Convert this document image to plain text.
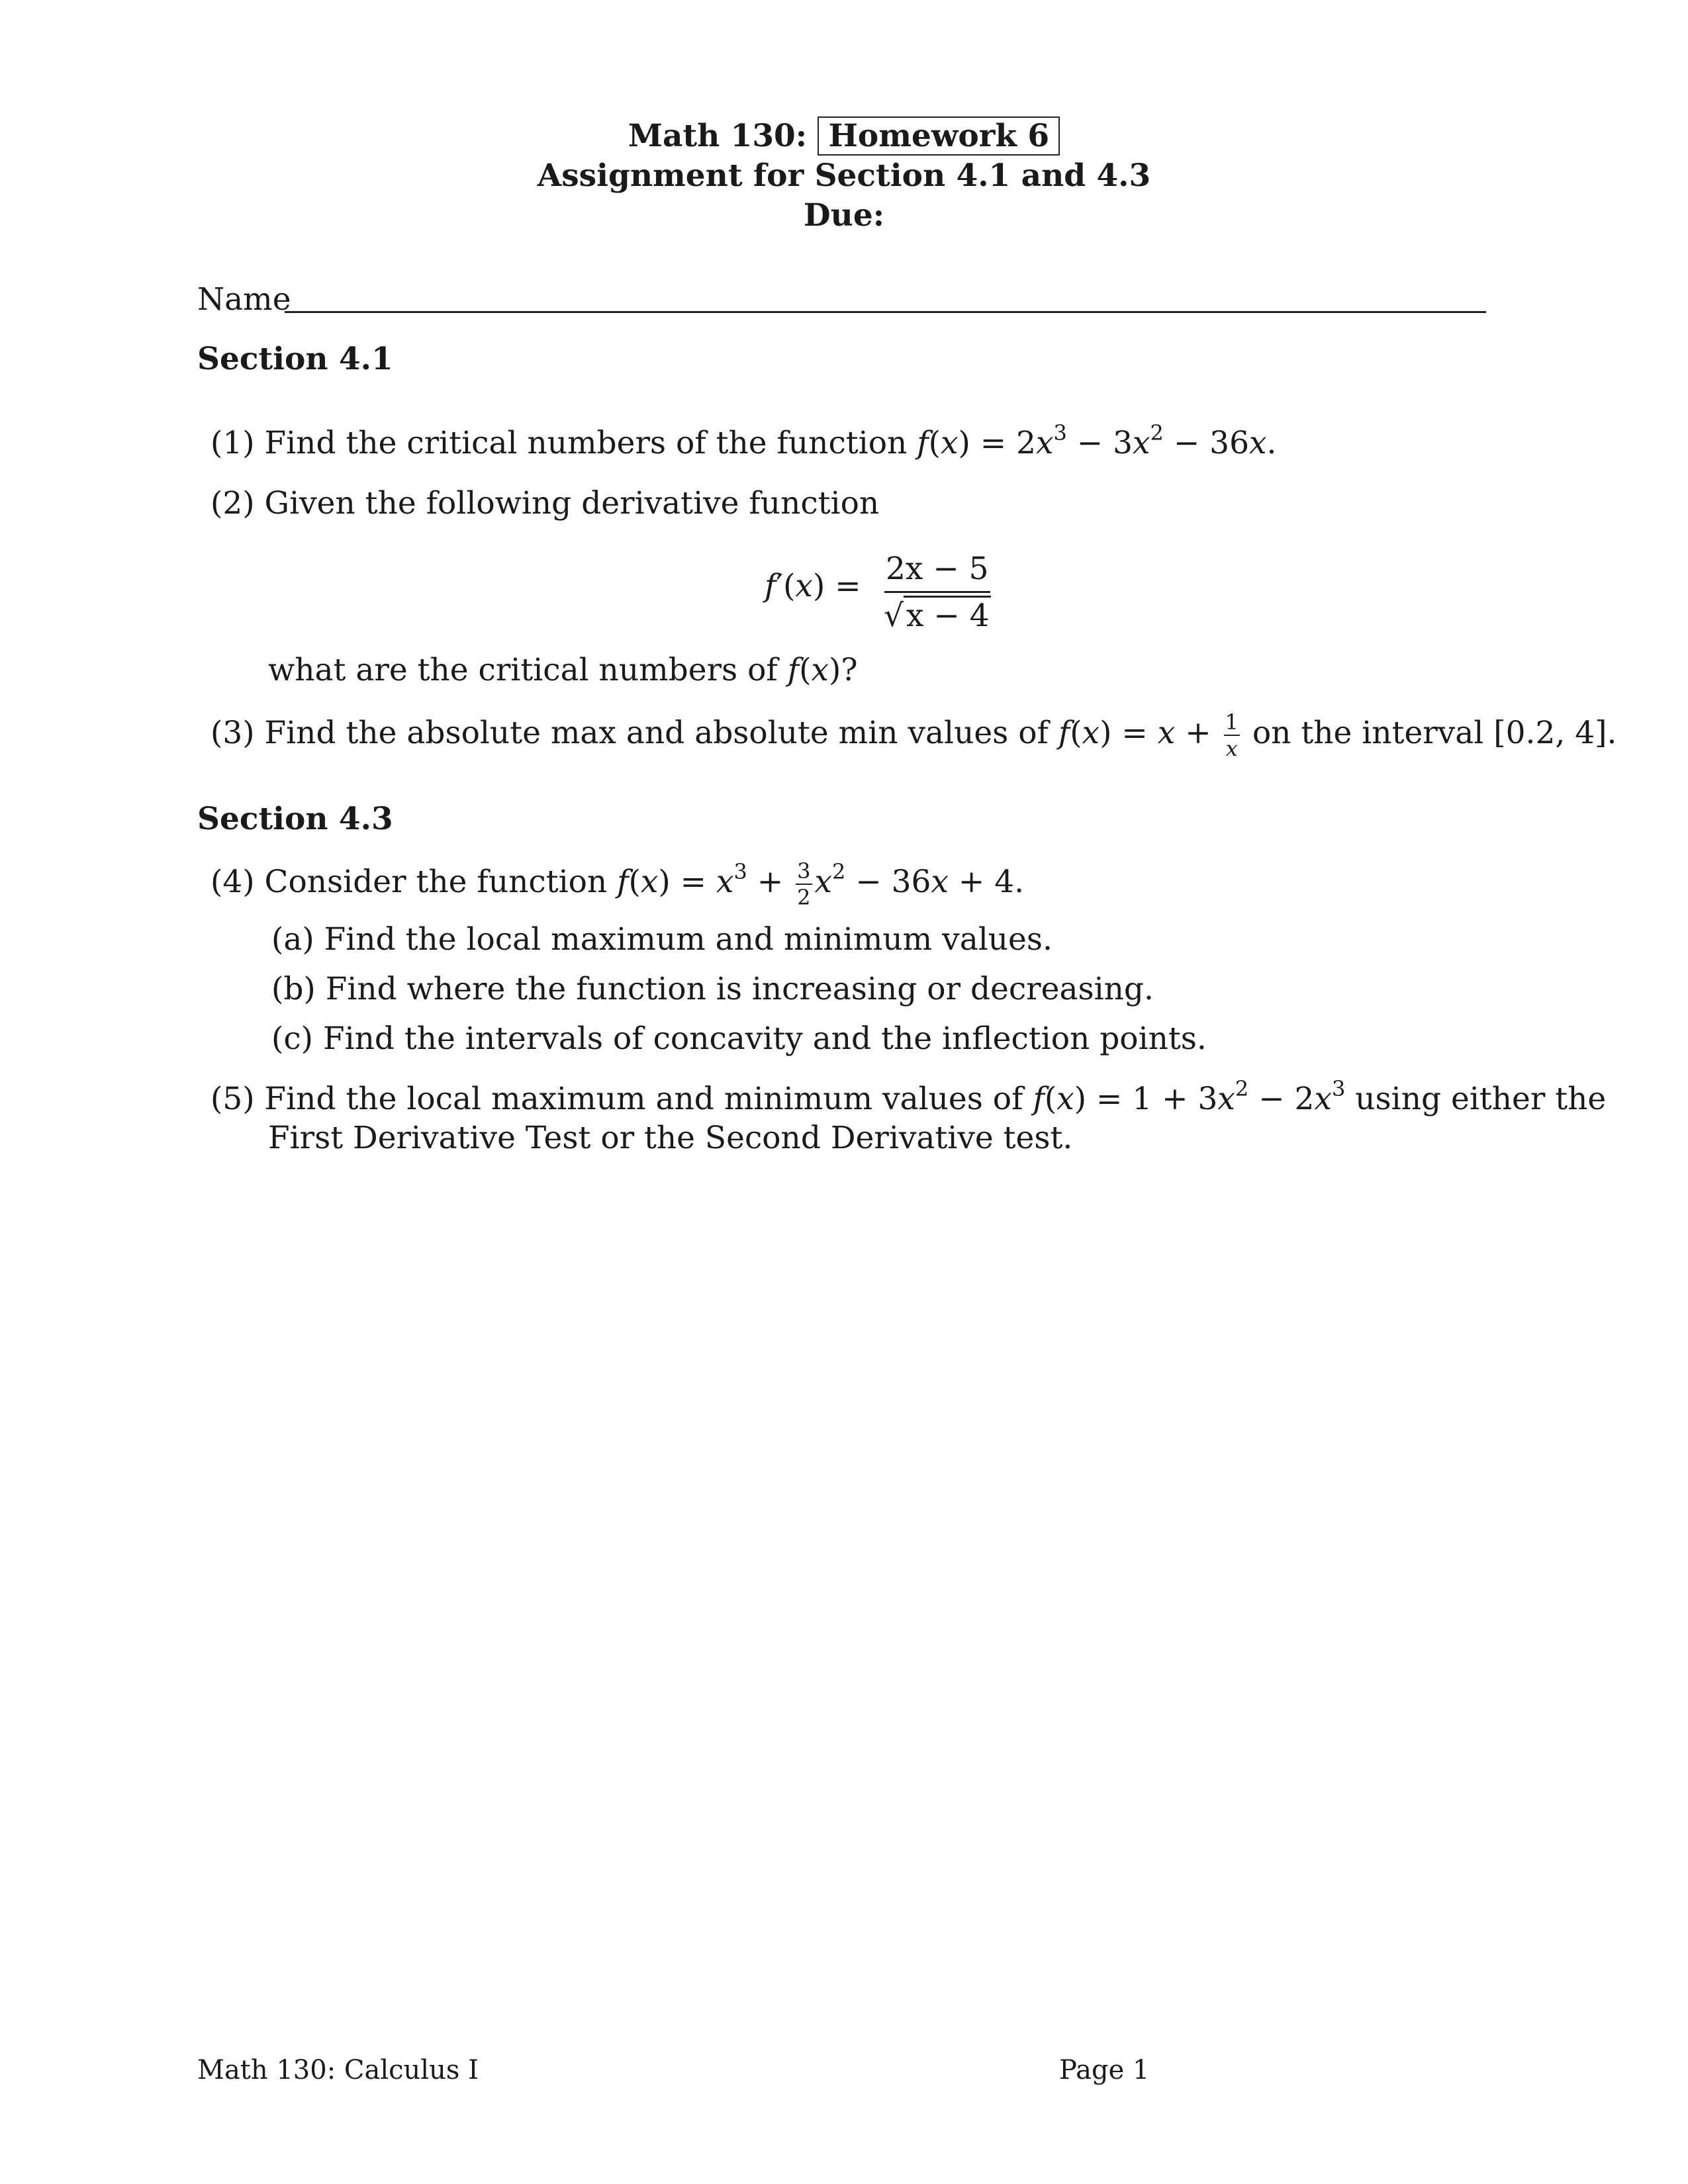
Math 130: Homework 6
Assignment for Section 4.1 and 4.3
Due:
Name
Section 4.1
(1) Find the critical numbers of the function $f(x) = 2x^3 - 3x^2 - 36x$.
(2) Given the following derivative function
$f'(x) = \frac{2x - 5}{√x - 4}$
what are the critical numbers of f(x)?
(3) Find the absolute max and absolute min values of $f(x) = x + \frac{1}{x}$ on the interval [0.2, 4].
Section 4.3
(4) Consider the function $f(x) = x^3 + \frac{3}{2} x^2 - 36x + 4$.
(a) Find the local maximum and minimum values.
(b) Find where the function is increasing or decreasing.
(c) Find the intervals of concavity and the inflection points.
(5) Find the local maximum and minimum values of $f(x) = 1 + 3x^2 - 2x^3$ using either the
First Derivative Test or the Second Derivative test.
Math 130: Calculus I	Page 1
